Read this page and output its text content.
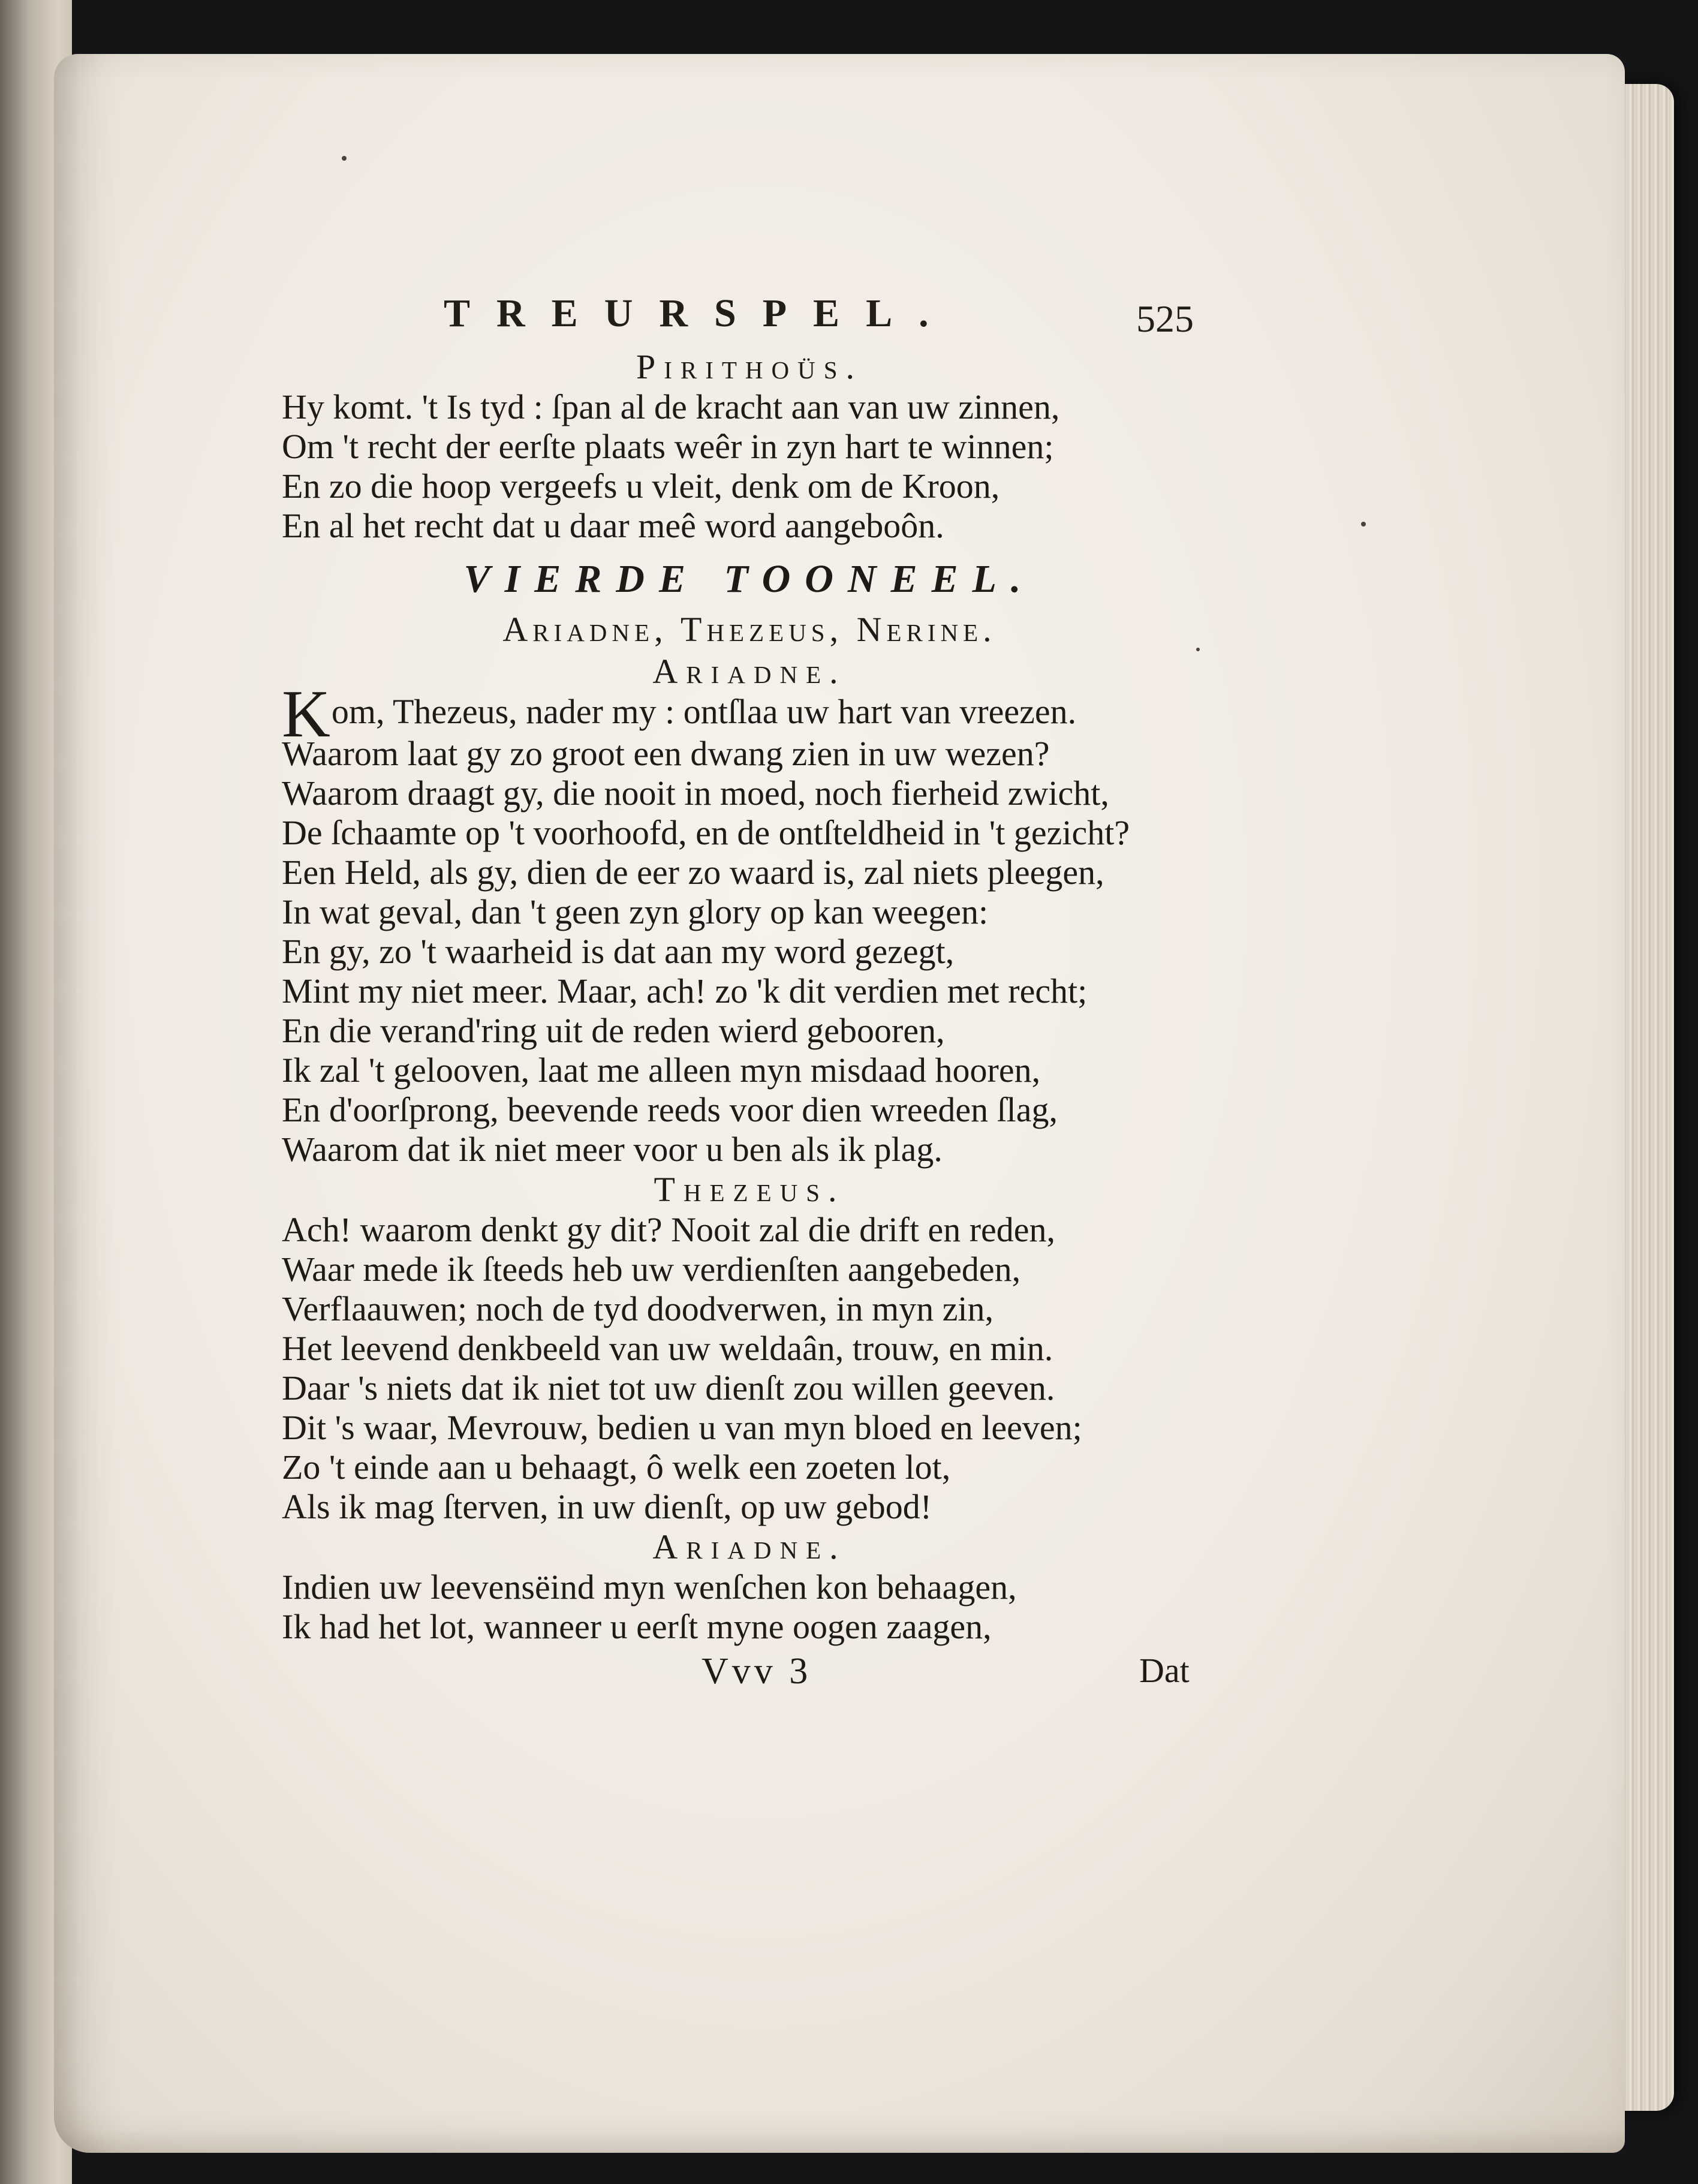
TREURSPEL.	525

Pirithoüs.

Hy komt. 't Is tyd : ſpan al de kracht aan van uw zinnen,

Om 't recht der eerſte plaats weêr in zyn hart te winnen;

En zo die hoop vergeefs u vleit, denk om de Kroon,

En al het recht dat u daar meê word aangeboôn.

VIERDE TOONEEL.

Ariadne, Thezeus, Nerine.

Ariadne.

Kom, Thezeus, nader my : ontſlaa uw hart van vreezen.

Waarom laat gy zo groot een dwang zien in uw wezen?

Waarom draagt gy, die nooit in moed, noch fierheid zwicht,

De ſchaamte op 't voorhoofd, en de ontſteldheid in 't gezicht?

Een Held, als gy, dien de eer zo waard is, zal niets pleegen,

In wat geval, dan 't geen zyn glory op kan weegen:

En gy, zo 't waarheid is dat aan my word gezegt,

Mint my niet meer. Maar, ach! zo 'k dit verdien met recht;

En die verand'ring uit de reden wierd gebooren,

Ik zal 't gelooven, laat me alleen myn misdaad hooren,

En d'oorſprong, beevende reeds voor dien wreeden ſlag,

Waarom dat ik niet meer voor u ben als ik plag.

Thezeus.

Ach! waarom denkt gy dit? Nooit zal die drift en reden,

Waar mede ik ſteeds heb uw verdienſten aangebeden,

Verflaauwen; noch de tyd doodverwen, in myn zin,

Het leevend denkbeeld van uw weldaân, trouw, en min.

Daar 's niets dat ik niet tot uw dienſt zou willen geeven.

Dit 's waar, Mevrouw, bedien u van myn bloed en leeven;

Zo 't einde aan u behaagt, ô welk een zoeten lot,

Als ik mag ſterven, in uw dienſt, op uw gebod!

Ariadne.

Indien uw leevensëind myn wenſchen kon behaagen,

Ik had het lot, wanneer u eerſt myne oogen zaagen,

Vvv 3	Dat
